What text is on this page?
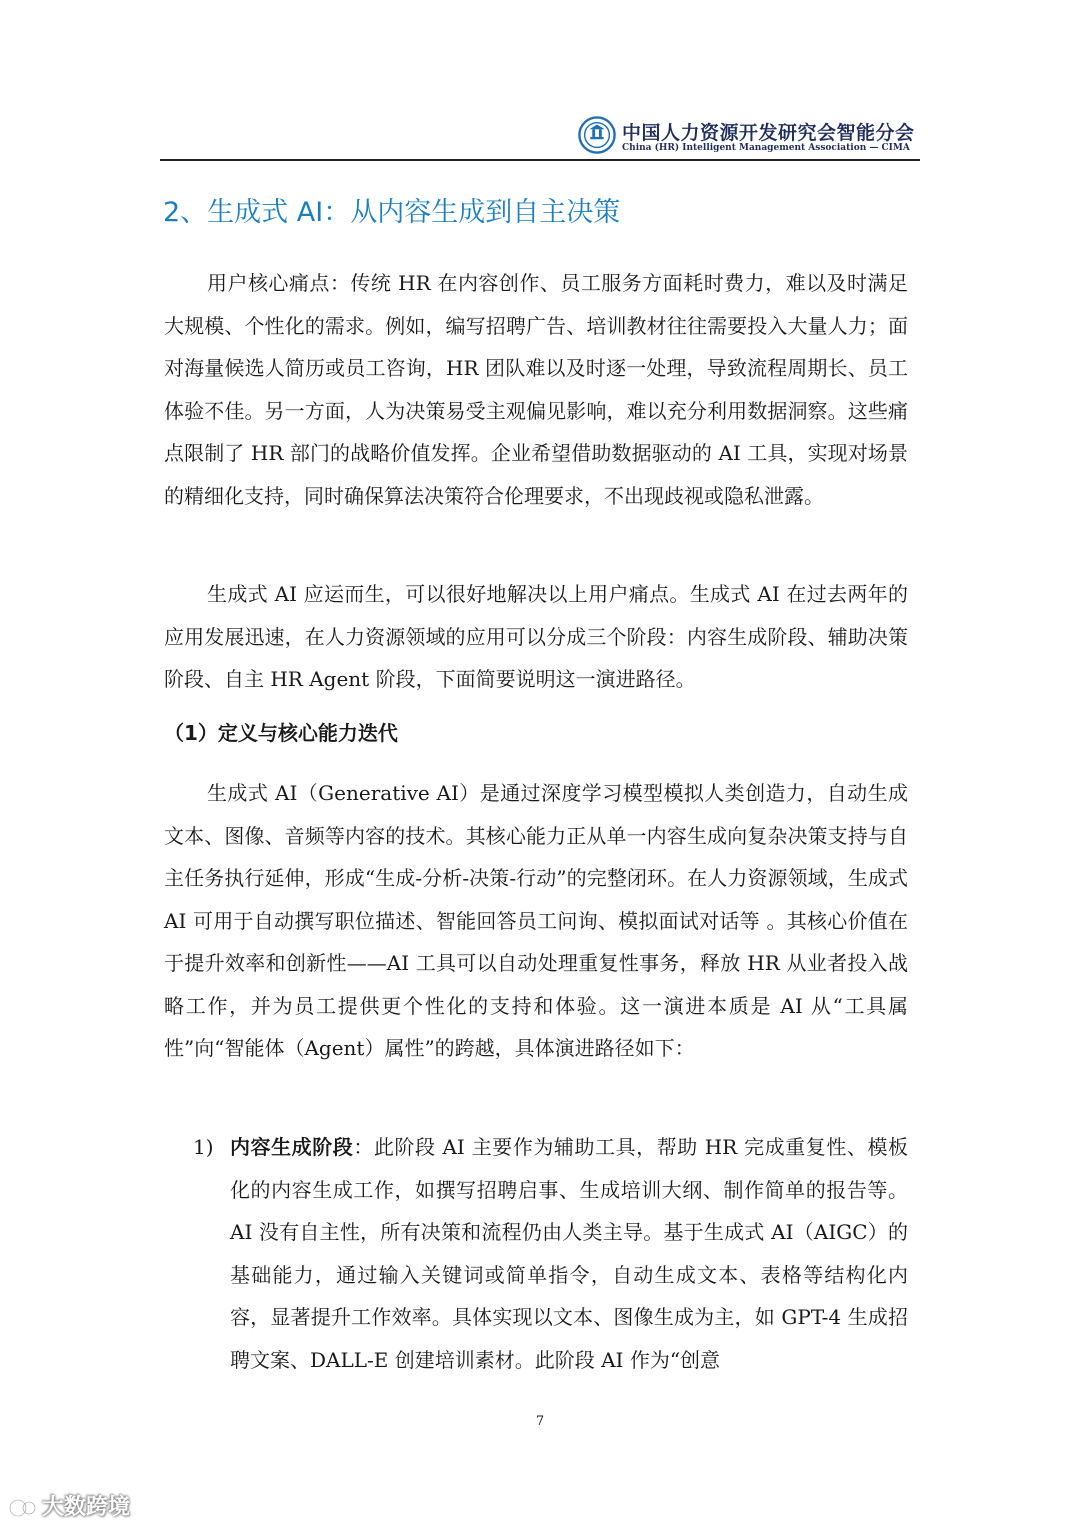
中国人力资源开发研究会智能分会
China (HR) Intelligent Management Association — CIMA
2、生成式 AI：从内容生成到自主决策

用户核心痛点：传统 HR 在内容创作、员工服务方面耗时费力，难以及时满足大规模、个性化的需求。例如，编写招聘广告、培训教材往往需要投入大量人力；面对海量候选人简历或员工咨询，HR 团队难以及时逐一处理，导致流程周期长、员工体验不佳。另一方面，人为决策易受主观偏见影响，难以充分利用数据洞察。这些痛点限制了 HR 部门的战略价值发挥。企业希望借助数据驱动的 AI 工具，实现对场景的精细化支持，同时确保算法决策符合伦理要求，不出现歧视或隐私泄露。

生成式 AI 应运而生，可以很好地解决以上用户痛点。生成式 AI 在过去两年的应用发展迅速，在人力资源领域的应用可以分成三个阶段：内容生成阶段、辅助决策阶段、自主 HR Agent 阶段，下面简要说明这一演进路径。

（1）定义与核心能力迭代

生成式 AI（Generative AI）是通过深度学习模型模拟人类创造力，自动生成文本、图像、音频等内容的技术。其核心能力正从单一内容生成向复杂决策支持与自主任务执行延伸，形成“生成-分析-决策-行动”的完整闭环。在人力资源领域，生成式 AI 可用于自动撰写职位描述、智能回答员工问询、模拟面试对话等 。其核心价值在于提升效率和创新性——AI 工具可以自动处理重复性事务，释放 HR 从业者投入战略工作，并为员工提供更个性化的支持和体验。这一演进本质是 AI 从“工具属性”向“智能体（Agent）属性”的跨越，具体演进路径如下：

1) 内容生成阶段：此阶段 AI 主要作为辅助工具，帮助 HR 完成重复性、模板化的内容生成工作，如撰写招聘启事、生成培训大纲、制作简单的报告等。AI 没有自主性，所有决策和流程仍由人类主导。基于生成式 AI（AIGC）的基础能力，通过输入关键词或简单指令，自动生成文本、表格等结构化内容，显著提升工作效率。具体实现以文本、图像生成为主，如 GPT-4 生成招聘文案、DALL-E 创建培训素材。此阶段 AI 作为“创意

7
大数跨境
